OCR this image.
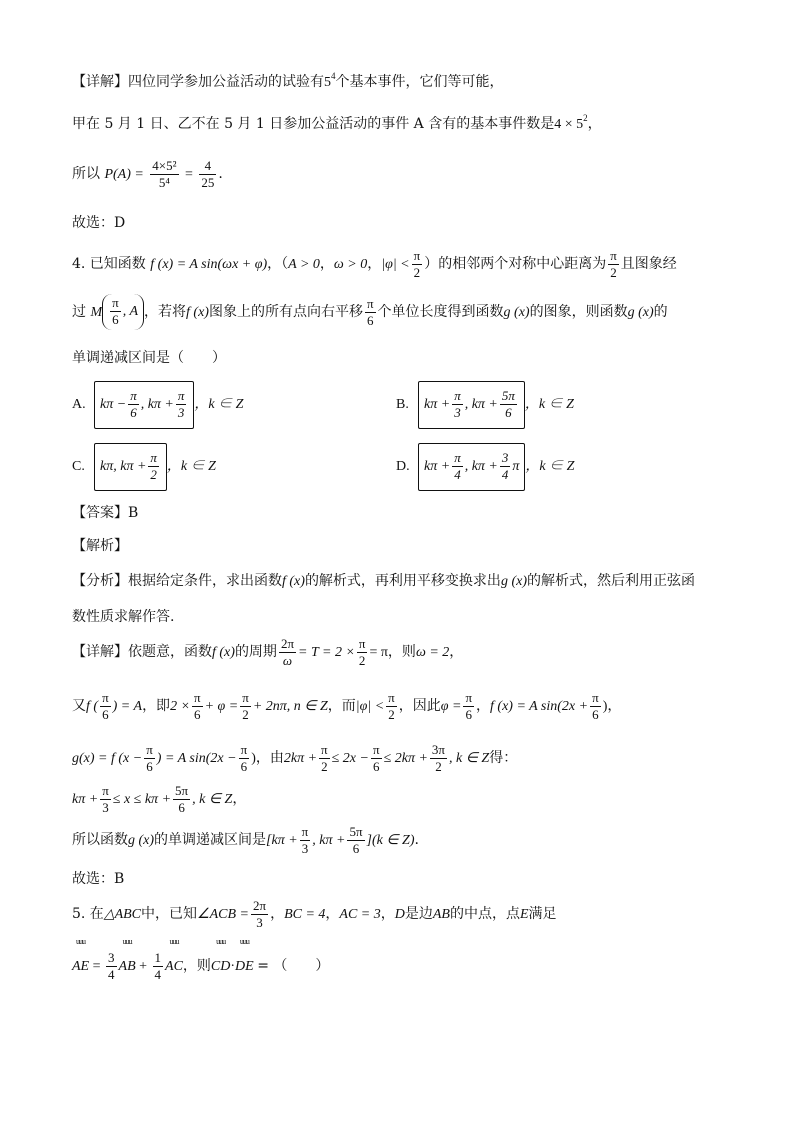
【详解】四位同学参加公益活动的试验有$5^4$个基本事件，它们等可能，
甲在 5 月 1 日、乙不在 5 月 1 日参加公益活动的事件 A 含有的基本事件数是$4 \times 5^2$，
所以 $P(A) = \frac{\text{4×5²}}{\text{5⁴}} = \frac{4}{25}$ .
故选：D
4. 已知函数 f (x) = A sin(ωx + φ)，（A > 0，ω > 0，$|\varphi| < \frac{\pi}{2}$ ）的相邻两个对称中心距离为 $\frac{\pi}{2}$ 且图象经
过 M $\frac{\pi}{6}$ , A ，若将f (x)图象上的所有点向右平移 $\frac{\pi}{6}$ 个单位长度得到函数g (x)的图象，则函数g (x)的
单调递减区间是（　　）
A. $k\pi - \frac{\pi}{6}$ , $k\pi + \frac{\pi}{3}$ ，k ∈ Z	B. $k\pi + \frac{\pi}{3}$ , $k\pi + \frac{5\pi}{6}$ ，k ∈ Z
C. kπ, $k\pi + \frac{\pi}{2}$ ，k ∈ Z	D. $k\pi + \frac{\pi}{4}$ , $k\pi + \frac{3}{4}$ π ，k ∈ Z
【答案】B
【解析】
【分析】根据给定条件，求出函数f (x)的解析式，再利用平移变换求出g (x)的解析式，然后利用正弦函
数性质求解作答.
【详解】依题意，函数f (x)的周期 $\frac{2\pi}{\omega} = T = 2 \times \frac{\pi}{2} = \pi$，则ω = 2，
又f ( $\frac{\pi}{6}$ ) = A，即$2 \times \frac{\pi}{6} + \varphi = \frac{\pi}{2} + 2n\pi$, n ∈ Z，而$|\varphi| < \frac{\pi}{2}$ ，因此$\varphi = \frac{\pi}{6}$ ，f (x) = A $\sin(2x + \frac{\pi}{6}$ )，
g(x) = f ($x - \frac{\pi}{6}$ ) = A $\sin(2x - \frac{\pi}{6}$ )，由$2k\pi + \frac{\pi}{2} \le 2x - \frac{\pi}{6} \le 2k\pi + \frac{3\pi}{2}$ , k ∈ Z得：
$k\pi + \frac{\pi}{3} \le x \le k\pi + \frac{5\pi}{6}$ , k ∈ Z，
所以函数g (x)的单调递减区间是[$k\pi + \frac{\pi}{3}$ , $k\pi + \frac{5\pi}{6} ](k$ ∈ Z).
故选：B
5. 在△ABC中，已知∠ACB = $\frac{2\pi}{3}$ ，BC = 4，AC = 3，D是边AB的中点，点E满足
uuu
AE = $\frac{3}{4}$
uuu
AB + $\frac{1}{4}$
uuu
AC，则
uuu
CD·
uuu
DE = （　　）
